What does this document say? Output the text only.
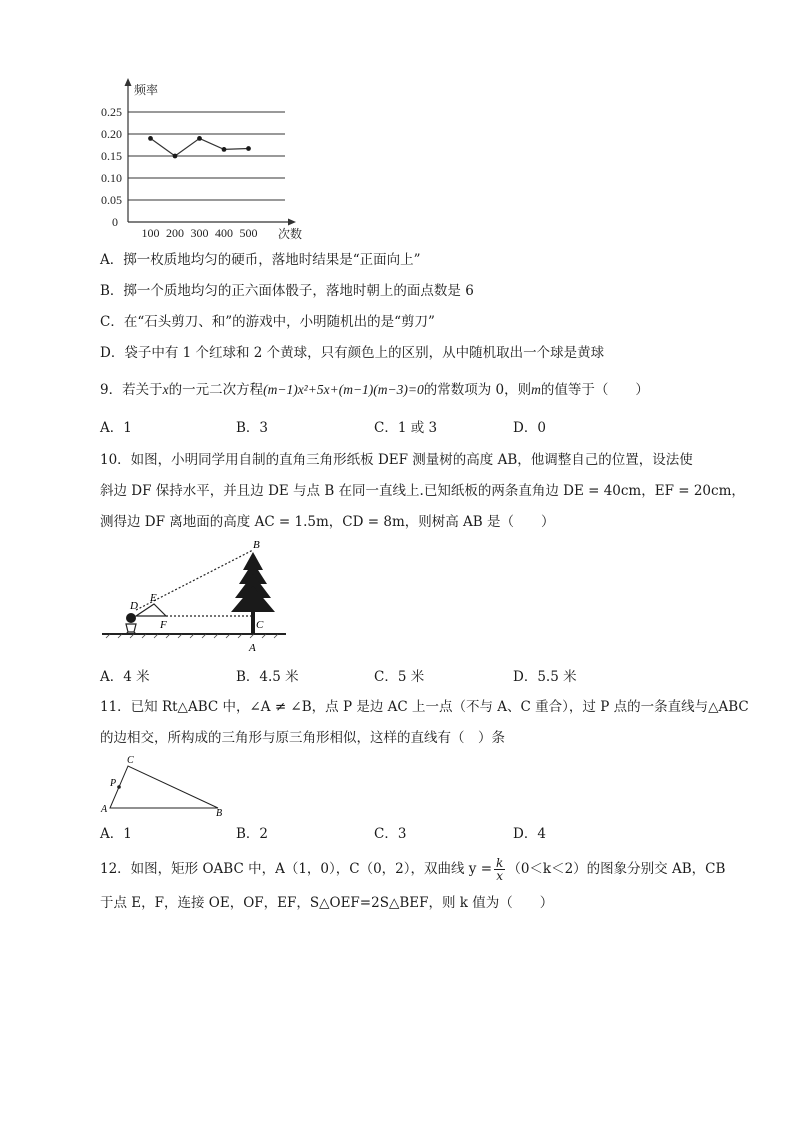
频率
次数
0.25
0.20
0.15
0.10
0.05
0
100 200 300 400 500
A．掷一枚质地均匀的硬币，落地时结果是“正面向上”
B．掷一个质地均匀的正六面体骰子，落地时朝上的面点数是 6
C．在“石头剪刀、和”的游戏中，小明随机出的是“剪刀”
D．袋子中有 1 个红球和 2 个黄球，只有颜色上的区别，从中随机取出一个球是黄球
9．若关于x的一元二次方程(m−1)x²+5x+(m−1)(m−3)=0的常数项为 0，则m的值等于（　　）
A．1	B．3	C．1 或 3	D．0
10．如图，小明同学用自制的直角三角形纸板 DEF 测量树的高度 AB，他调整自己的位置，设法使
斜边 DF 保持水平，并且边 DE 与点 B 在同一直线上.已知纸板的两条直角边 DE = 40cm，EF = 20cm，
测得边 DF 离地面的高度 AC = 1.5m，CD = 8m，则树高 AB 是（　　）
B
E
D
F	C
A
A．4 米	B．4.5 米	C．5 米	D．5.5 米
11．已知 Rt△ABC 中，∠A ≠ ∠B，点 P 是边 AC 上一点（不与 A、C 重合），过 P 点的一条直线与△ABC
的边相交，所构成的三角形与原三角形相似，这样的直线有（　）条
C
P
A	B
A．1	B．2	C．3	D．4
12．如图，矩形 OABC 中，A（1，0），C（0，2），双曲线 $y = \frac{k}{x} (0<k<2)$的图象分别交 AB，CB
于点 E，F，连接 OE，OF，EF，S△OEF=2S△BEF，则 k 值为（　　）
